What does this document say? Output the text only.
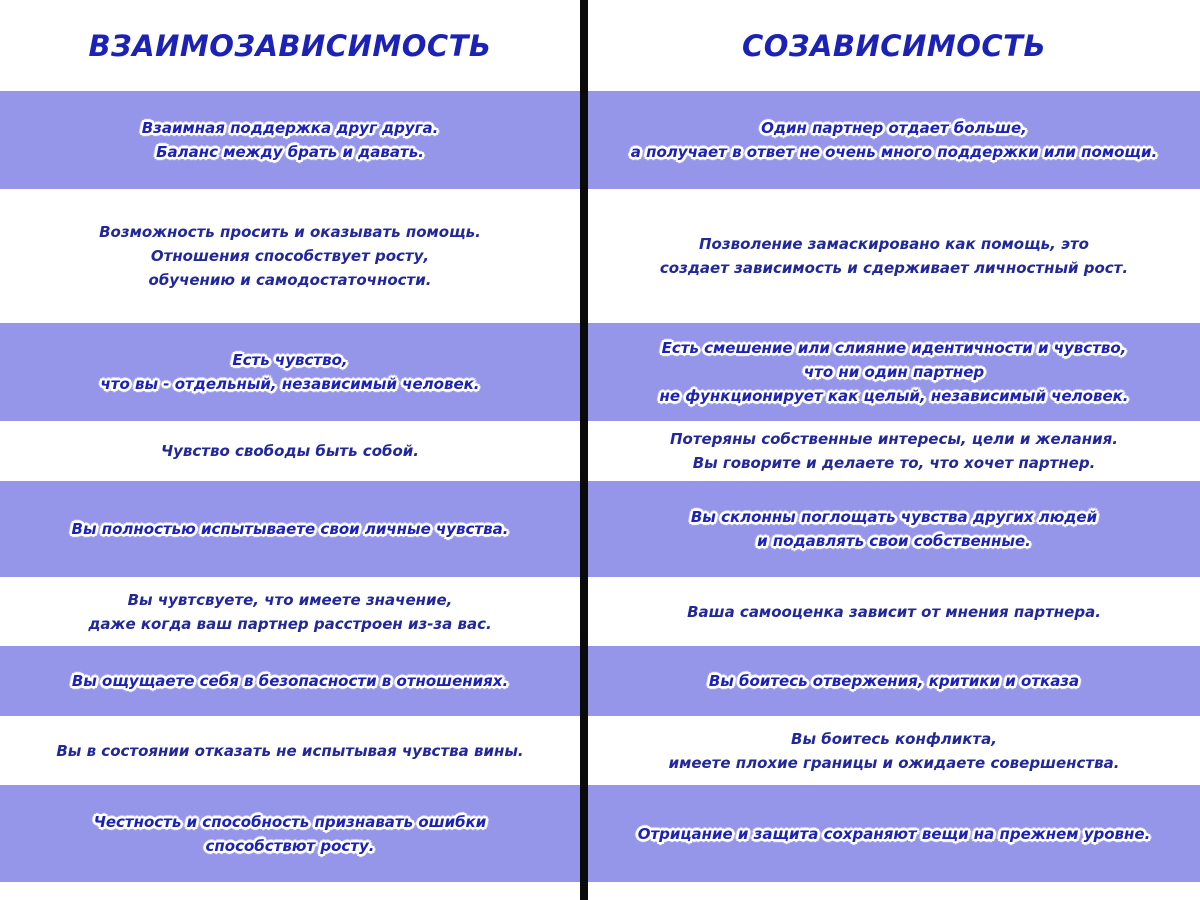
ВЗАИМОЗАВИСИМОСТЬ	СОЗАВИСИМОСТЬ

Взаимная поддержка друг друга.
Баланс между брать и давать.

Один партнер отдает больше,
а получает в ответ не очень много поддержки или помощи.

Возможность просить и оказывать помощь.
Отношения способствует росту,
обучению и самодостаточности.

Позволение замаскировано как помощь, это
создает зависимость и сдерживает личностный рост.

Есть чувство,
что вы - отдельный, независимый человек.

Есть смешение или слияние идентичности и чувство,
что ни один партнер
не функционирует как целый, независимый человек.

Чувство свободы быть собой.

Потеряны собственные интересы, цели и желания.
Вы говорите и делаете то, что хочет партнер.

Вы полностью испытываете свои личные чувства.

Вы склонны поглощать чувства других людей
и подавлять свои собственные.

Вы чувтсвуете, что имеете значение,
даже когда ваш партнер расстроен из-за вас.

Ваша самооценка зависит от мнения партнера.

Вы ощущаете себя в безопасности в отношениях.	Вы боитесь отвержения, критики и отказа

Вы в состоянии отказать не испытывая чувства вины.

Вы боитесь конфликта,
имеете плохие границы и ожидаете совершенства.

Честность и способность признавать ошибки
способствют росту.

Отрицание и защита сохраняют вещи на прежнем уровне.
